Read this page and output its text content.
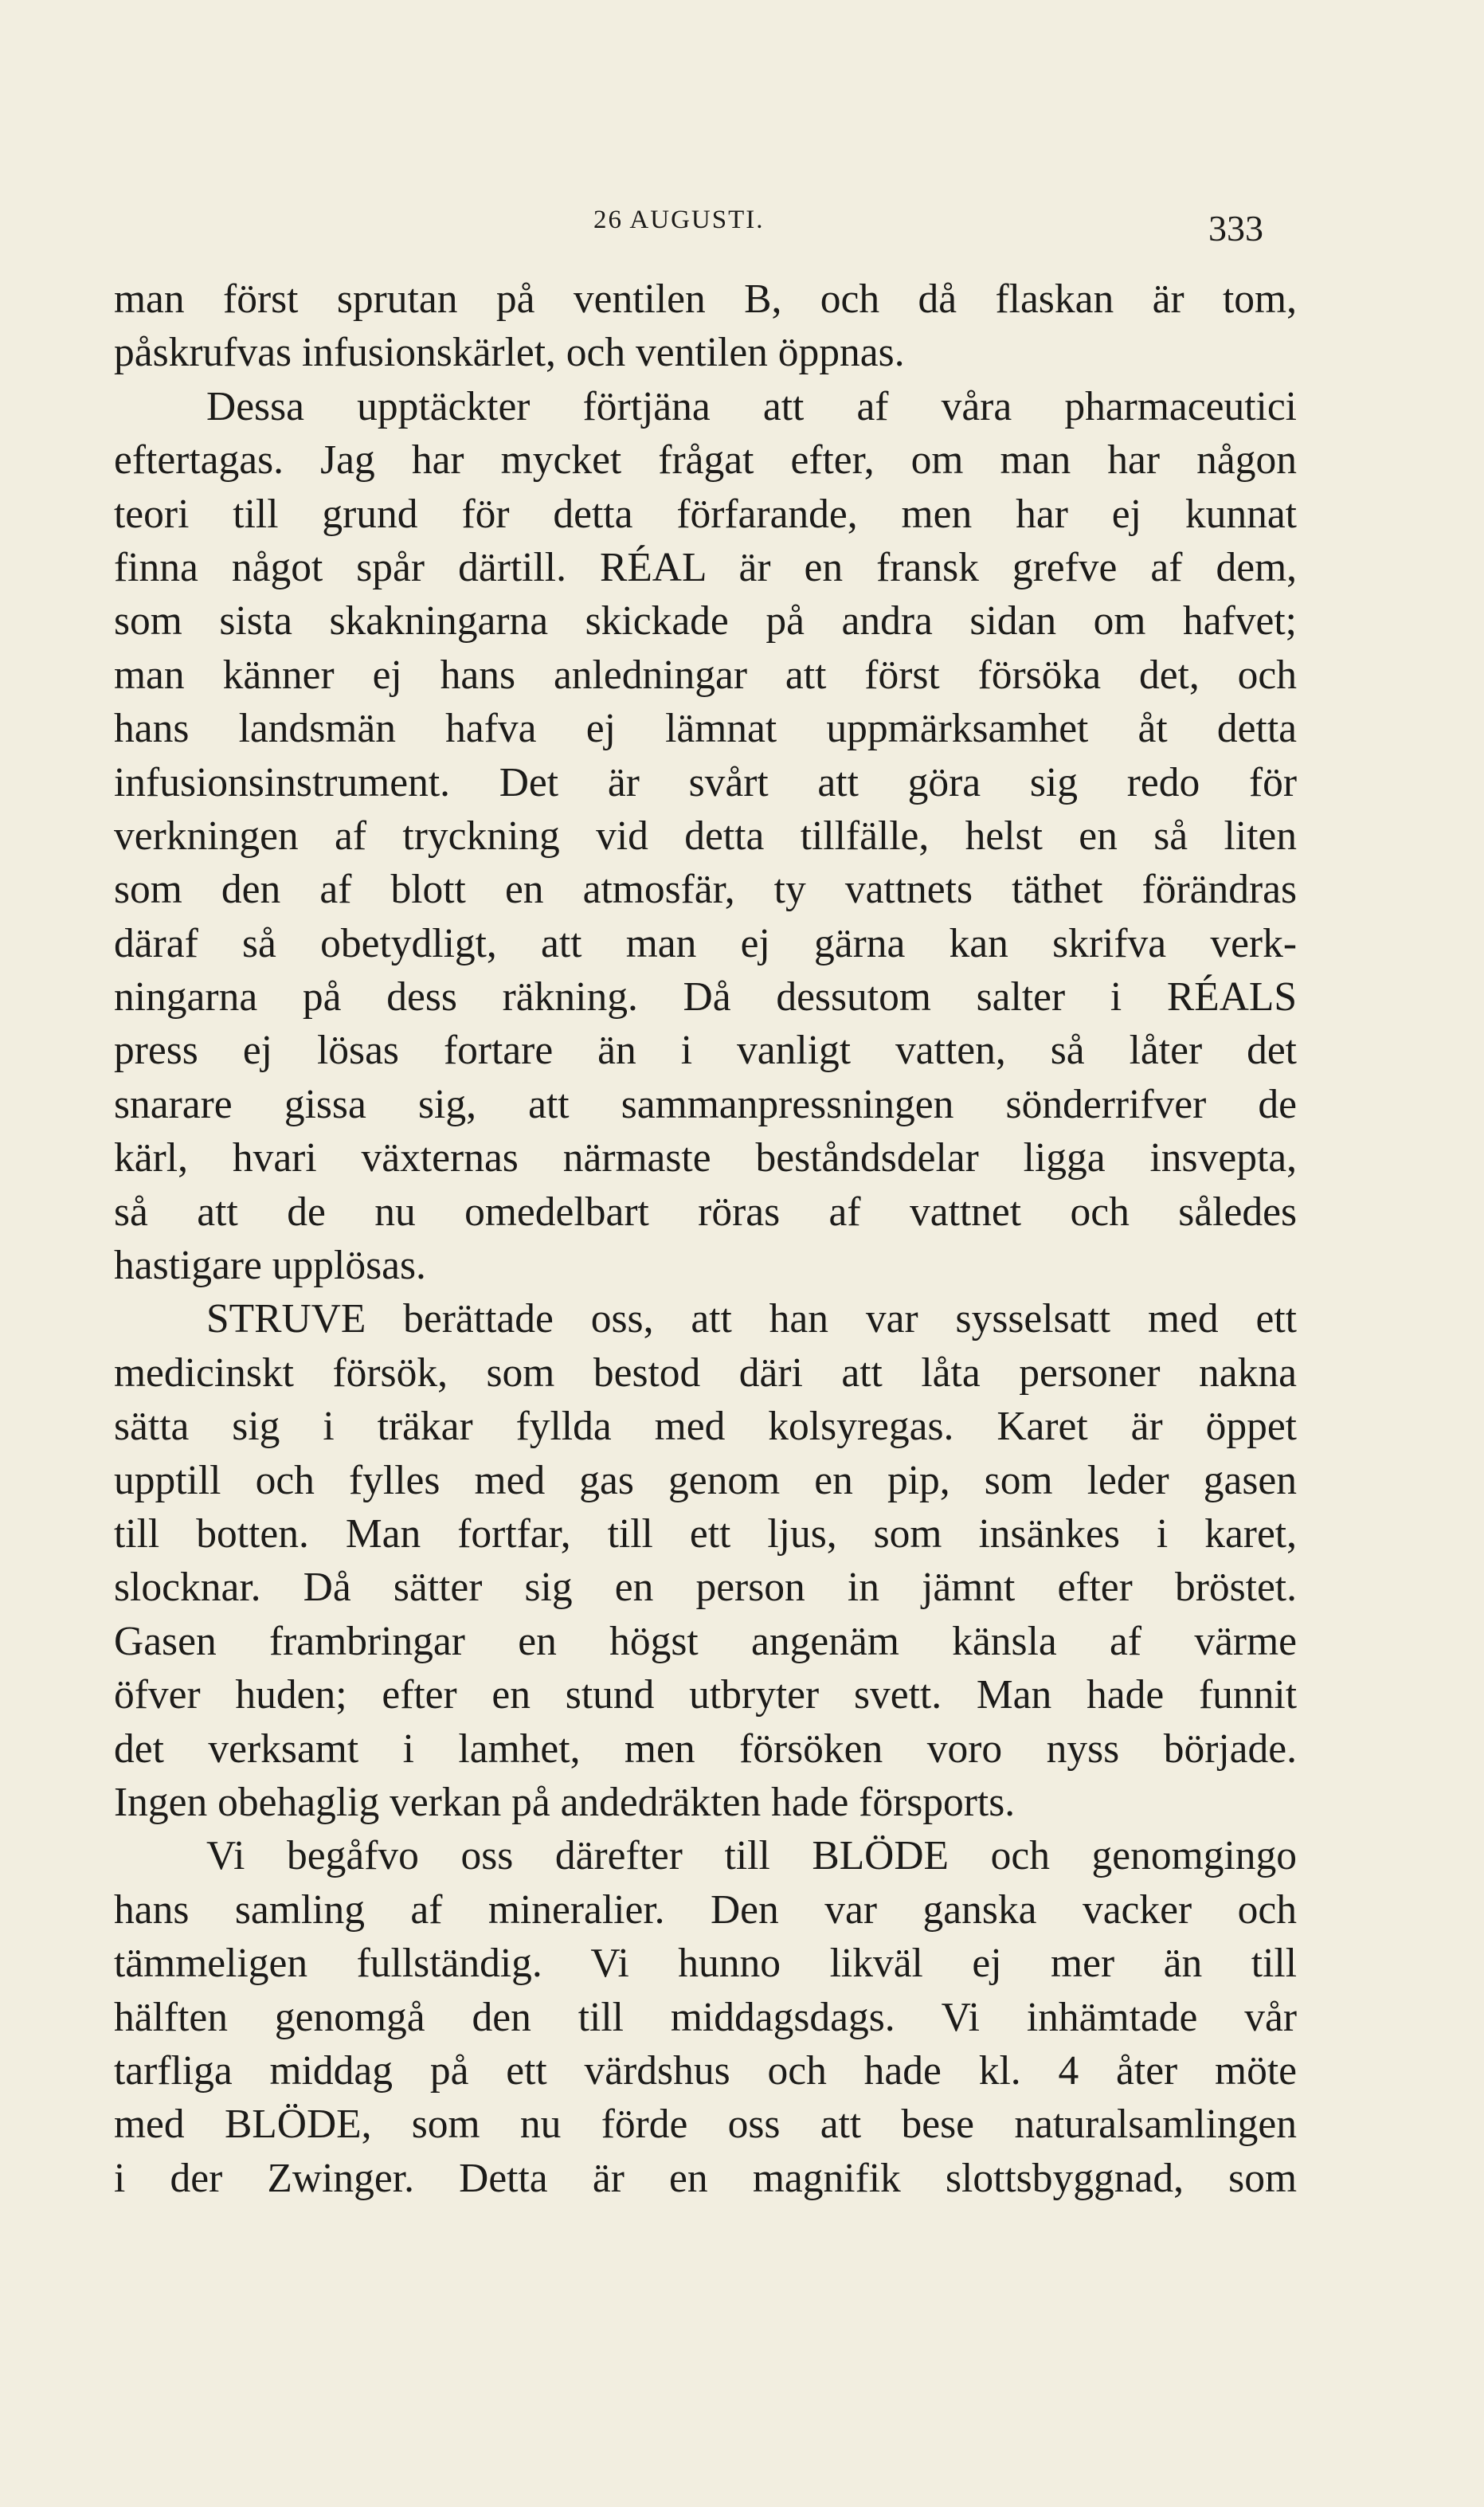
26 AUGUSTI.	333
man först sprutan på ventilen B, och då flaskan är tom,
påskrufvas infusionskärlet, och ventilen öppnas.
Dessa upptäckter förtjäna att af våra pharmaceutici
eftertagas. Jag har mycket frågat efter, om man har någon
teori till grund för detta förfarande, men har ej kunnat
finna något spår därtill. RÉAL är en fransk grefve af dem,
som sista skakningarna skickade på andra sidan om hafvet;
man känner ej hans anledningar att först försöka det, och
hans landsmän hafva ej lämnat uppmärksamhet åt detta
infusionsinstrument. Det är svårt att göra sig redo för
verkningen af tryckning vid detta tillfälle, helst en så liten
som den af blott en atmosfär, ty vattnets täthet förändras
däraf så obetydligt, att man ej gärna kan skrifva verk-
ningarna på dess räkning. Då dessutom salter i RÉALS
press ej lösas fortare än i vanligt vatten, så låter det
snarare gissa sig, att sammanpressningen sönderrifver de
kärl, hvari växternas närmaste beståndsdelar ligga insvepta,
så att de nu omedelbart röras af vattnet och således
hastigare upplösas.
STRUVE berättade oss, att han var sysselsatt med ett
medicinskt försök, som bestod däri att låta personer nakna
sätta sig i träkar fyllda med kolsyregas. Karet är öppet
upptill och fylles med gas genom en pip, som leder gasen
till botten. Man fortfar, till ett ljus, som insänkes i karet,
slocknar. Då sätter sig en person in jämnt efter bröstet.
Gasen frambringar en högst angenäm känsla af värme
öfver huden; efter en stund utbryter svett. Man hade funnit
det verksamt i lamhet, men försöken voro nyss började.
Ingen obehaglig verkan på andedräkten hade försports.
Vi begåfvo oss därefter till BLÖDE och genomgingo
hans samling af mineralier. Den var ganska vacker och
tämmeligen fullständig. Vi hunno likväl ej mer än till
hälften genomgå den till middagsdags. Vi inhämtade vår
tarfliga middag på ett värdshus och hade kl. 4 åter möte
med BLÖDE, som nu förde oss att bese naturalsamlingen
i der Zwinger. Detta är en magnifik slottsbyggnad, som
